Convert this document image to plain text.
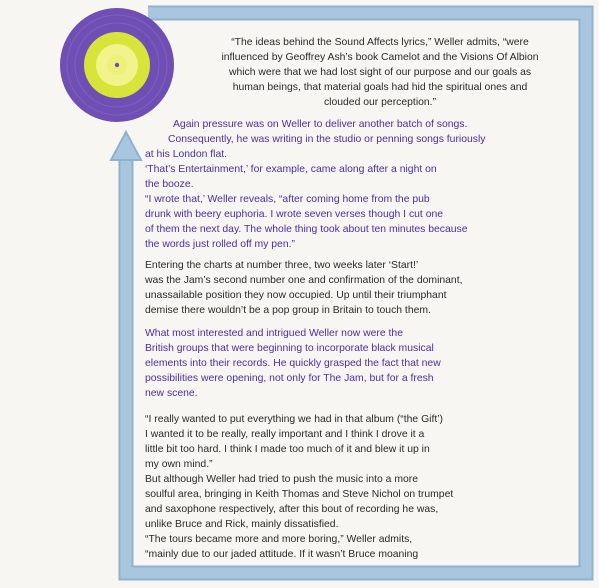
“The ideas behind the Sound Affects lyrics,” Weller admits, “were
influenced by Geoffrey Ash’s book Camelot and the Visions Of Albion
which were that we had lost sight of our purpose and our goals as
human beings, that material goals had hid the spiritual ones and
clouded our perception.”
Again pressure was on Weller to deliver another batch of songs.
Consequently, he was writing in the studio or penning songs furiously
at his London flat.
‘That’s Entertainment,’ for example, came along after a night on
the booze.
“I wrote that,’ Weller reveals, “after coming home from the pub
drunk with beery euphoria. I wrote seven verses though I cut one
of them the next day. The whole thing took about ten minutes because
the words just rolled off my pen.”
Entering the charts at number three, two weeks later ‘Start!’
was the Jam’s second number one and confirmation of the dominant,
unassailable position they now occupied. Up until their triumphant
demise there wouldn’t be a pop group in Britain to touch them.
What most interested and intrigued Weller now were the
British groups that were beginning to incorporate black musical
elements into their records. He quickly grasped the fact that new
possibilities were opening, not only for The Jam, but for a fresh
new scene.
“I really wanted to put everything we had in that album (“the Gift’)
I wanted it to be really, really important and I think I drove it a
little bit too hard. I think I made too much of it and blew it up in
my own mind.”
But although Weller had tried to push the music into a more
soulful area, bringing in Keith Thomas and Steve Nichol on trumpet
and saxophone respectively, after this bout of recording he was,
unlike Bruce and Rick, mainly dissatisfied.
“The tours became more and more boring,” Weller admits,
“mainly due to our jaded attitude. If it wasn’t Bruce moaning
